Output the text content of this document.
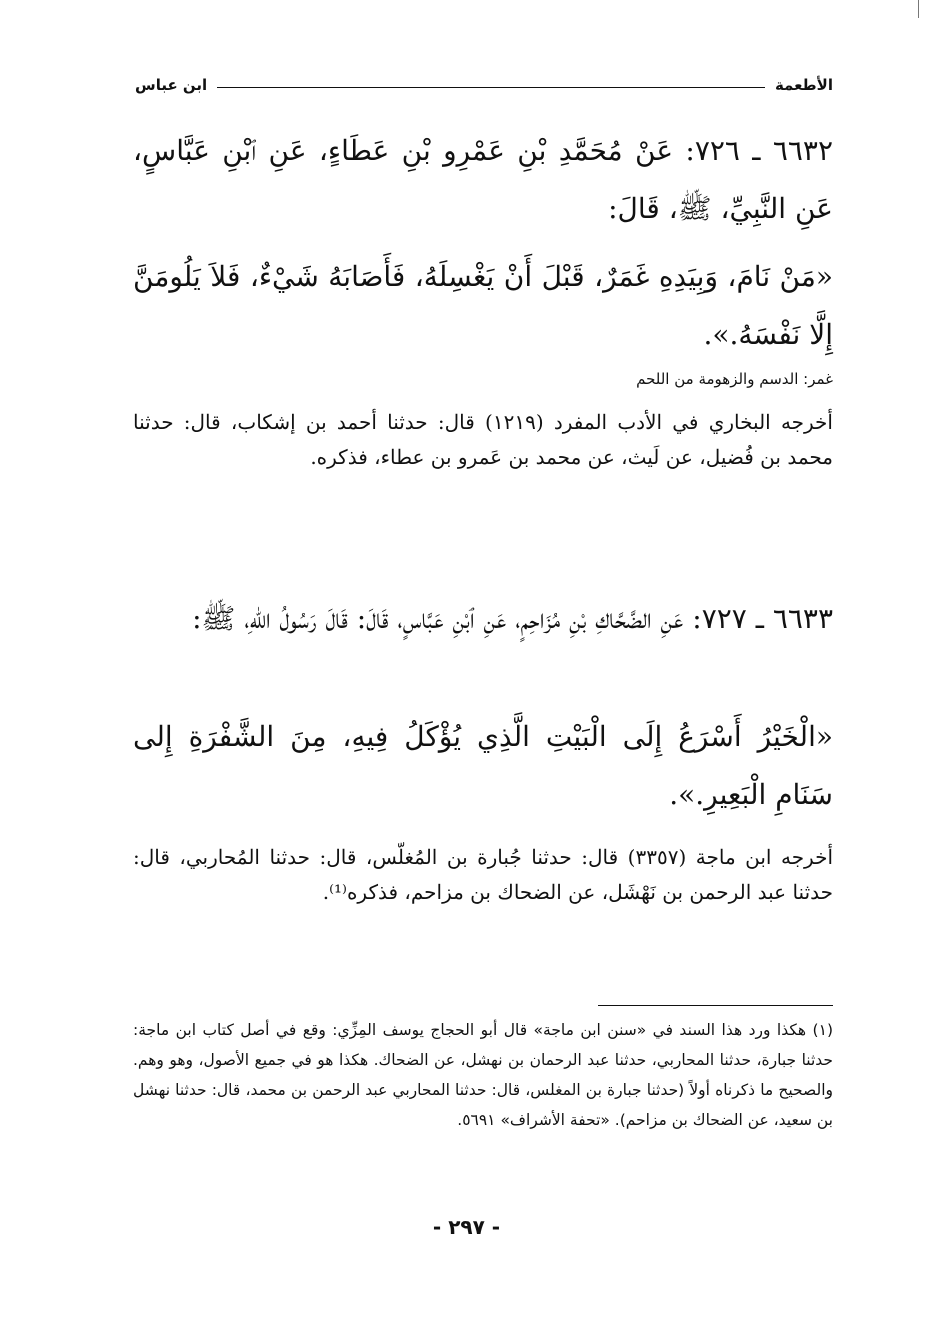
الأطعمة
ابن عباس

٦٦٣٢ ـ ٧٢٦: عَنْ مُحَمَّدِ بْنِ عَمْرِو بْنِ عَطَاءٍ، عَنِ ٱبْنِ عَبَّاسٍ، عَنِ النَّبِيِّ، ﷺ، قَالَ:

«مَنْ نَامَ، وَبِيَدِهِ غَمَرٌ، قَبْلَ أَنْ يَغْسِلَهُ، فَأَصَابَهُ شَيْءٌ، فَلاَ يَلُومَنَّ إِلَّا نَفْسَهُ.».

غمر: الدسم والزهومة من اللحم

أخرجه البخاري في الأدب المفرد (١٢١٩) قال: حدثنا أحمد بن إشكاب، قال: حدثنا محمد بن فُضيل، عن لَيث، عن محمد بن عَمرو بن عطاء، فذكره.

٦٦٣٣ ـ ٧٢٧: عَنِ الضَّحَّاكِ بْنِ مُزَاحِمٍ، عَنِ ٱبْنِ عَبَّاسٍ، قَالَ: قَالَ رَسُولُ اللّهِ، ﷺ:

«الْخَيْرُ أَسْرَعُ إِلَى الْبَيْتِ الَّذِي يُؤْكَلُ فِيهِ، مِنَ الشَّفْرَةِ إِلى سَنَامِ الْبَعِيرِ.».

أخرجه ابن ماجة (٣٣٥٧) قال: حدثنا جُبارة بن المُغلّس، قال: حدثنا المُحاربي، قال: حدثنا عبد الرحمن بن نَهْشَل، عن الضحاك بن مزاحم، فذكره⁽¹⁾.

(١) هكذا ورد هذا السند في «سنن ابن ماجة» قال أبو الحجاج يوسف المِزِّي: وقع في أصل كتاب ابن ماجة: حدثنا جبارة، حدثنا المحاربي، حدثنا عبد الرحمان بن نهشل، عن الضحاك. هكذا هو في جميع الأصول، وهو وهم. والصحيح ما ذكرناه أولاً (حدثنا جبارة بن المغلس، قال: حدثنا المحاربي عبد الرحمن بن محمد، قال: حدثنا نهشل بن سعيد، عن الضحاك بن مزاحم). «تحفة الأشراف» ٥٦٩١.

- ٢٩٧ -
